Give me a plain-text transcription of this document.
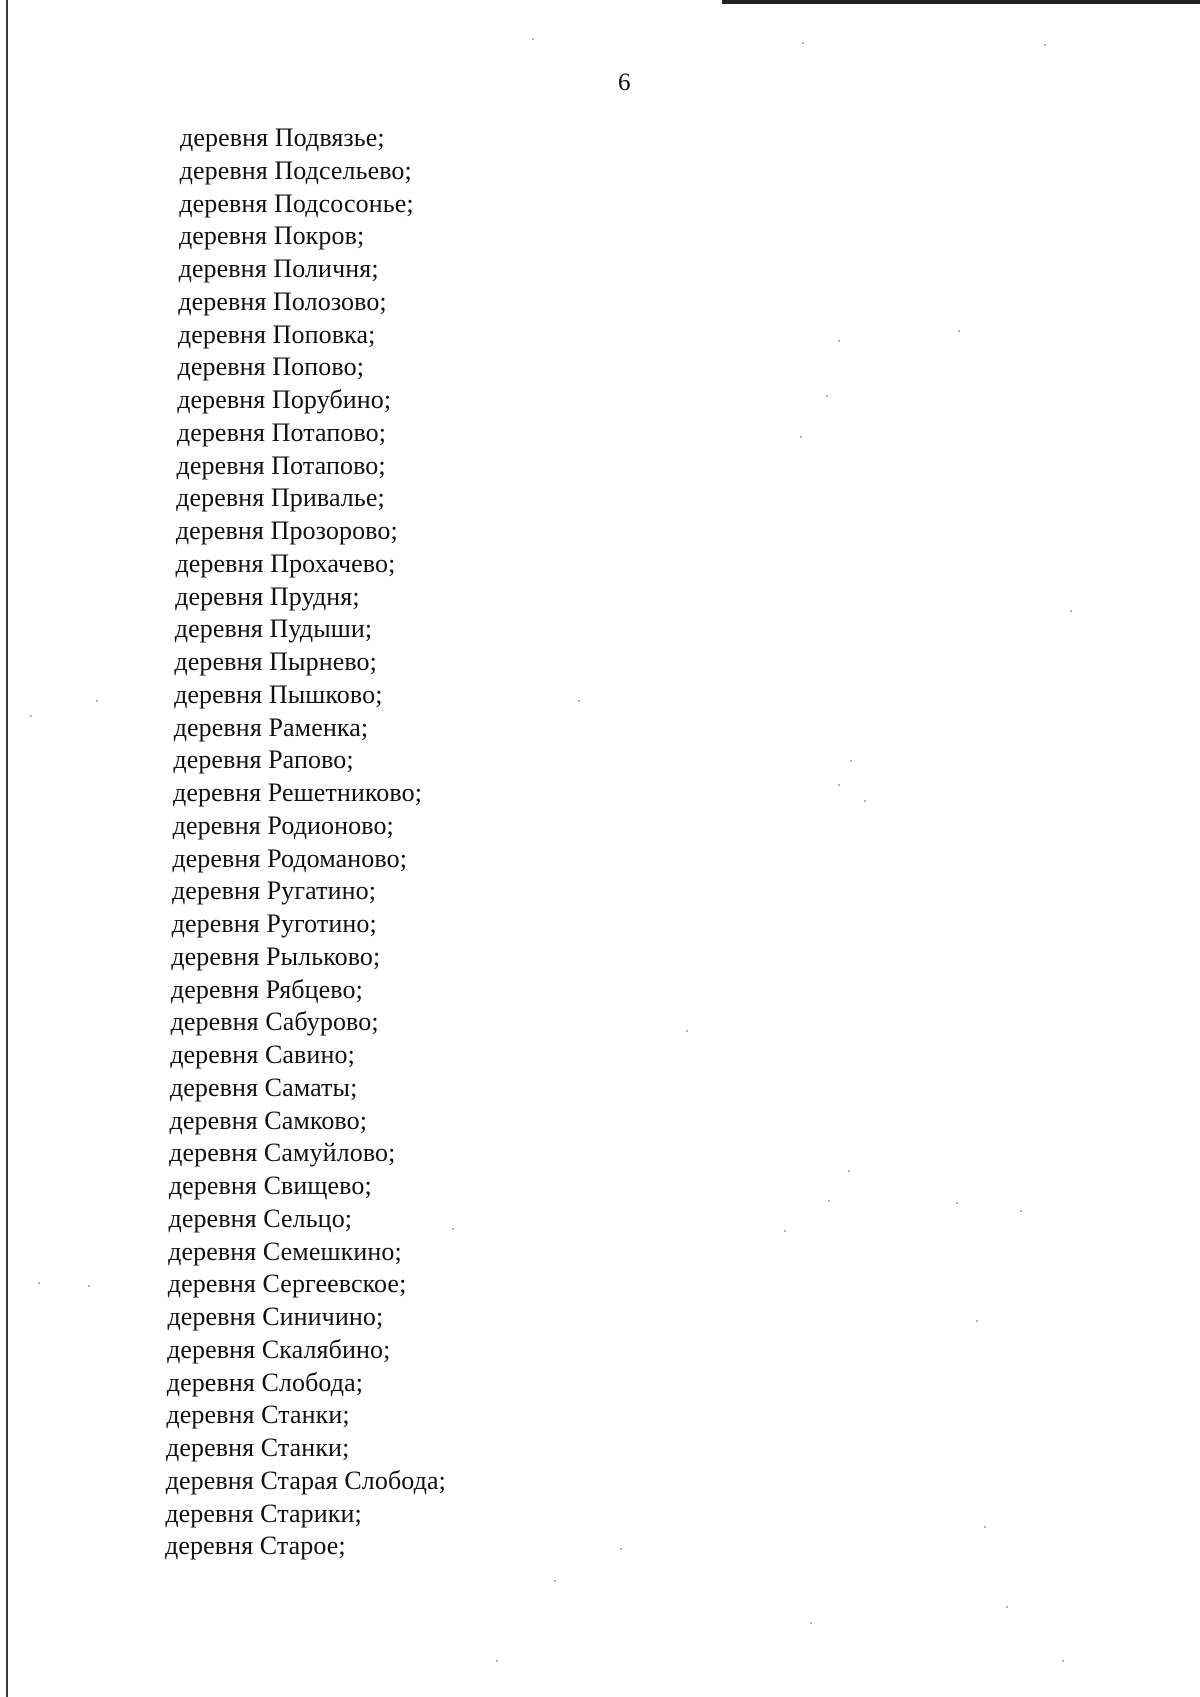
6
деревня Подвязье;
деревня Подсельево;
деревня Подсосонье;
деревня Покров;
деревня Поличня;
деревня Полозово;
деревня Поповка;
деревня Попово;
деревня Порубино;
деревня Потапово;
деревня Потапово;
деревня Привалье;
деревня Прозорово;
деревня Прохачево;
деревня Прудня;
деревня Пудыши;
деревня Пырнево;
деревня Пышково;
деревня Раменка;
деревня Рапово;
деревня Решетниково;
деревня Родионово;
деревня Родоманово;
деревня Ругатино;
деревня Руготино;
деревня Рыльково;
деревня Рябцево;
деревня Сабурово;
деревня Савино;
деревня Саматы;
деревня Самково;
деревня Самуйлово;
деревня Свищево;
деревня Сельцо;
деревня Семешкино;
деревня Сергеевское;
деревня Синичино;
деревня Скалябино;
деревня Слобода;
деревня Станки;
деревня Станки;
деревня Старая Слобода;
деревня Старики;
деревня Старое;
